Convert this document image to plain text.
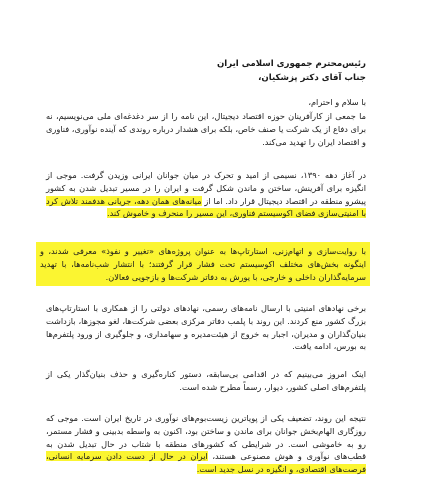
رئیس‌محترم جمهوری اسلامی ایران
جناب آقای دکتر پزشکیان،
با سلام و احترام،
ما جمعی از کارآفرینان حوزه اقتصاد دیجیتال، این نامه را از سر دغدغه‌ای ملی می‌نویسیم، نه برای دفاع از یک شرکت یا صنف خاص، بلکه برای هشدار درباره روندی که آینده نوآوری، فناوری و اقتصاد ایران را تهدید می‌کند.
در آغاز دهه ۱۳۹۰، نسیمی از امید و تحرک در میان جوانان ایرانی وزیدن گرفت. موجی از انگیزه برای آفرینش، ساختن و ماندن شکل گرفت و ایران را در مسیر تبدیل شدن به کشور پیشرو منطقه در اقتصاد دیجیتال قرار داد. اما از میانه‌های همان دهه، جریانی هدفمند تلاش کرد با امنیتی‌سازی فضای اکوسیستم فناوری، این مسیر را منحرف و خاموش کند.
با روایت‌سازی و اتهام‌زنی، استارتاپ‌ها به عنوان پروژه‌های «تغییر و نفوذ» معرفی شدند، و اینگونه بخش‌های مختلف اکوسیستم تحت فشار قرار گرفتند؛ با انتشار شب‌نامه‌ها، با تهدید سرمایه‌گذاران داخلی و خارجی، با یورش به دفاتر شرکت‌ها و بازجویی فعالان.
برخی نهادهای امنیتی با ارسال نامه‌های رسمی، نهادهای دولتی را از همکاری با استارتاپ‌های بزرگ کشور منع کردند. این روند با پلمب دفاتر مرکزی بعضی شرکت‌ها، لغو مجوزها، بازداشت بنیان‌گذاران و مدیران، اجبار به خروج از هیئت‌مدیره و سهامداری، و جلوگیری از ورود پلتفرم‌ها به بورس، ادامه یافت.
اینک امروز می‌بینیم که در اقدامی بی‌سابقه، دستور کناره‌گیری و حذف بنیان‌گذار یکی از پلتفرم‌های اصلی کشور، دیوار، رسماً مطرح شده است.
نتیجه این روند، تضعیف یکی از پویاترین زیست‌بوم‌های نوآوری در تاریخ ایران است. موجی که روزگاری الهام‌بخش جوانان برای ماندن و ساختن بود، اکنون به واسطه بدبینی و فشار مستمر، رو به خاموشی است. در شرایطی که کشورهای منطقه با شتاب در حال تبدیل شدن به قطب‌های نوآوری و هوش مصنوعی هستند، ایران در حال از دست دادن سرمایه انسانی، فرصت‌های اقتصادی، و انگیزه در نسل جدید است.
